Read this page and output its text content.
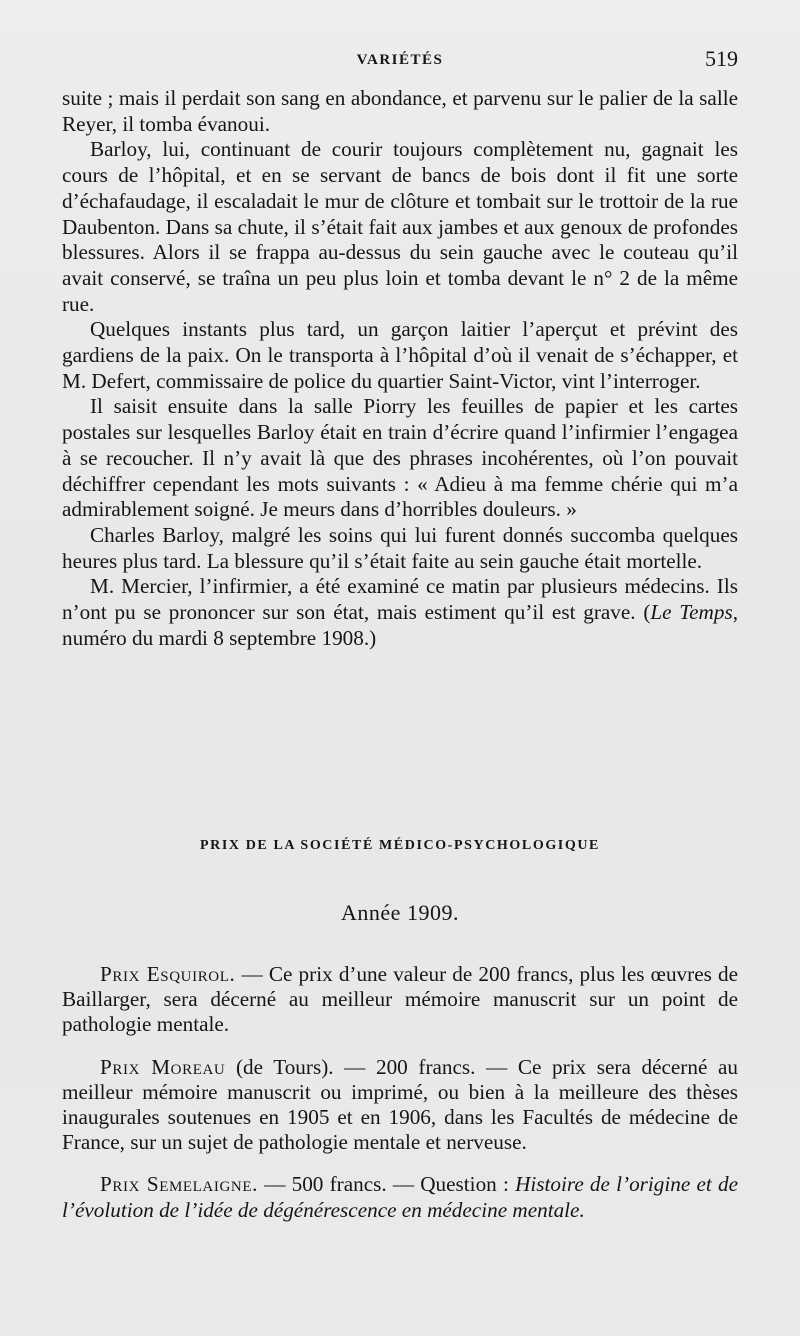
VARIÉTÉS	519

suite ; mais il perdait son sang en abondance, et parvenu sur le palier de la salle Reyer, il tomba évanoui.

Barloy, lui, continuant de courir toujours complètement nu, gagnait les cours de l’hôpital, et en se servant de bancs de bois dont il fit une sorte d’échafaudage, il escaladait le mur de clôture et tombait sur le trottoir de la rue Daubenton. Dans sa chute, il s’était fait aux jambes et aux genoux de profondes blessures. Alors il se frappa au-dessus du sein gauche avec le couteau qu’il avait conservé, se traîna un peu plus loin et tomba devant le n° 2 de la même rue.

Quelques instants plus tard, un garçon laitier l’aperçut et prévint des gardiens de la paix. On le transporta à l’hôpital d’où il venait de s’échapper, et M. Defert, commissaire de police du quartier Saint-Victor, vint l’interroger.

Il saisit ensuite dans la salle Piorry les feuilles de papier et les cartes postales sur lesquelles Barloy était en train d’écrire quand l’infirmier l’engagea à se recoucher. Il n’y avait là que des phrases incohérentes, où l’on pouvait déchiffrer cependant les mots suivants : « Adieu à ma femme chérie qui m’a admirablement soigné. Je meurs dans d’horribles douleurs. »

Charles Barloy, malgré les soins qui lui furent donnés succomba quelques heures plus tard. La blessure qu’il s’était faite au sein gauche était mortelle.

M. Mercier, l’infirmier, a été examiné ce matin par plusieurs médecins. Ils n’ont pu se prononcer sur son état, mais estiment qu’il est grave. (Le Temps, numéro du mardi 8 septembre 1908.)

PRIX DE LA SOCIÉTÉ MÉDICO-PSYCHOLOGIQUE
Année 1909.

Prix Esquirol. — Ce prix d’une valeur de 200 francs, plus les œuvres de Baillarger, sera décerné au meilleur mémoire manuscrit sur un point de pathologie mentale.

Prix Moreau (de Tours). — 200 francs. — Ce prix sera décerné au meilleur mémoire manuscrit ou imprimé, ou bien à la meilleure des thèses inaugurales soutenues en 1905 et en 1906, dans les Facultés de médecine de France, sur un sujet de pathologie mentale et nerveuse.

Prix Semelaigne. — 500 francs. — Question : Histoire de l’origine et de l’évolution de l’idée de dégénérescence en médecine mentale.
